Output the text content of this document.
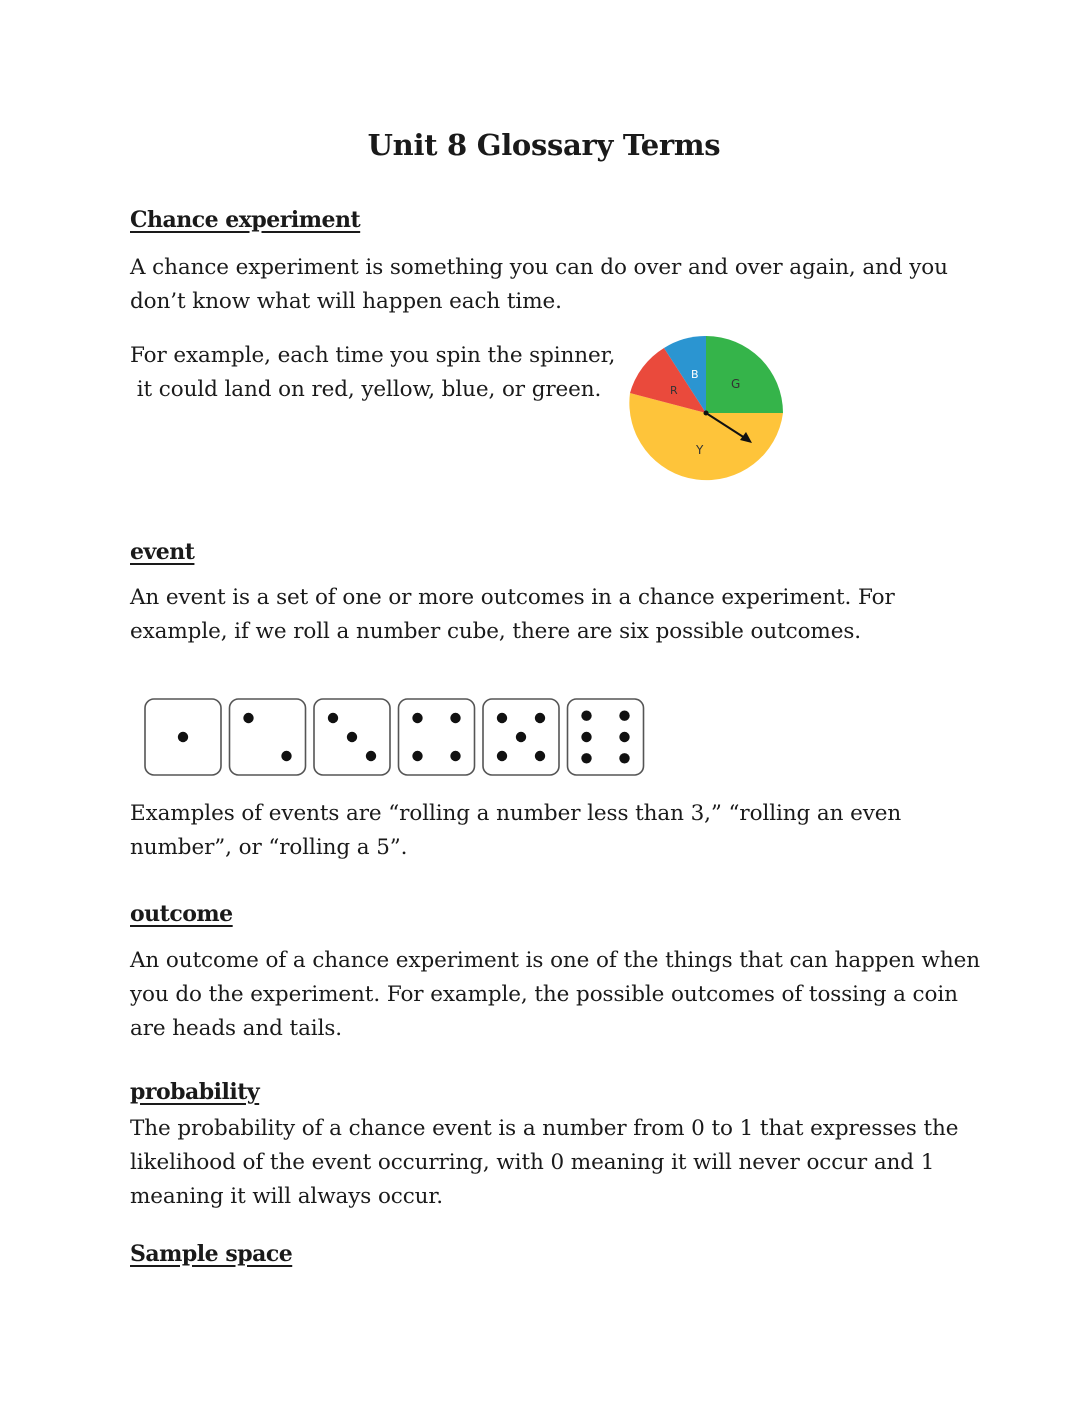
Unit 8 Glossary Terms
Chance experiment

A chance experiment is something you can do over and over again, and you
don’t know what will happen each time.

For example, each time you spin the spinner,
it could land on red, yellow, blue, or green.	G
Y
R
B
event

An event is a set of one or more outcomes in a chance experiment. For
example, if we roll a number cube, there are six possible outcomes.

Examples of events are “rolling a number less than 3,” “rolling an even
number”, or “rolling a 5”.

outcome

An outcome of a chance experiment is one of the things that can happen when
you do the experiment. For example, the possible outcomes of tossing a coin
are heads and tails.

probability

The probability of a chance event is a number from 0 to 1 that expresses the
likelihood of the event occurring, with 0 meaning it will never occur and 1
meaning it will always occur.

Sample space
